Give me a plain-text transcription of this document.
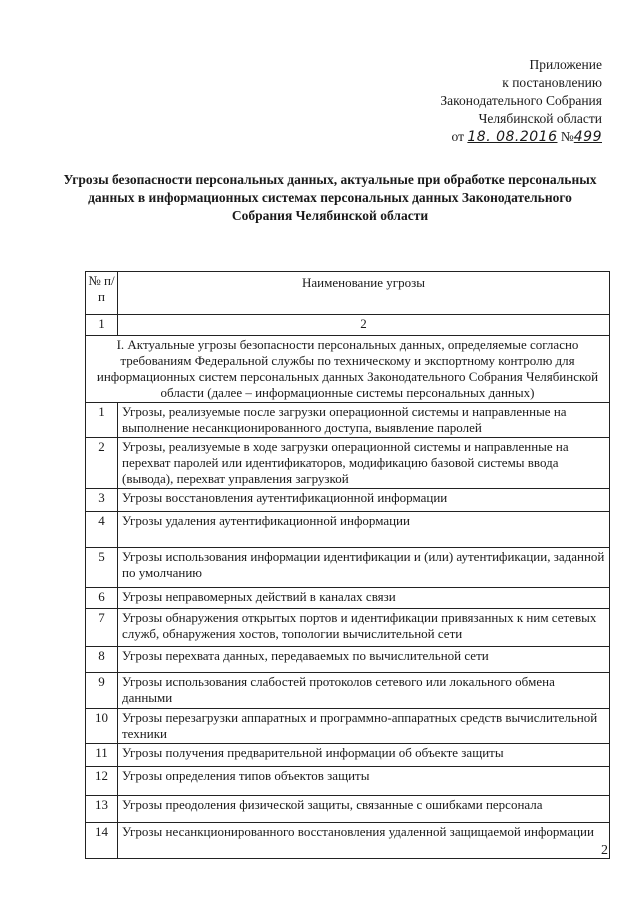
Приложение
к постановлению
Законодательного Собрания
Челябинской области
от 18. 08.2016 №499
Угрозы безопасности персональных данных, актуальные при обработке персональных данных в информационных системах персональных данных Законодательного Собрания Челябинской области
№ п/п	Наименование угрозы
1	2
I. Актуальные угрозы безопасности персональных данных, определяемые согласно требованиям Федеральной службы по техническому и экспортному контролю для информационных систем персональных данных Законодательного Собрания Челябинской области (далее – информационные системы персональных данных)	
1	Угрозы, реализуемые после загрузки операционной системы и направленные на выполнение несанкционированного доступа, выявление паролей
2	Угрозы, реализуемые в ходе загрузки операционной системы и направленные на перехват паролей или идентификаторов, модификацию базовой системы ввода (вывода), перехват управления загрузкой
3	Угрозы восстановления аутентификационной информации
4	Угрозы удаления аутентификационной информации
5	Угрозы использования информации идентификации и (или) аутентификации, заданной по умолчанию
6	Угрозы неправомерных действий в каналах связи
7	Угрозы обнаружения открытых портов и идентификации привязанных к ним сетевых служб, обнаружения хостов, топологии вычислительной сети
8	Угрозы перехвата данных, передаваемых по вычислительной сети
9	Угрозы использования слабостей протоколов сетевого или локального обмена данными
10	Угрозы перезагрузки аппаратных и программно-аппаратных средств вычислительной техники
11	Угрозы получения предварительной информации об объекте защиты
12	Угрозы определения типов объектов защиты
13	Угрозы преодоления физической защиты, связанные с ошибками персонала
14	Угрозы несанкционированного восстановления удаленной защищаемой информации
2
